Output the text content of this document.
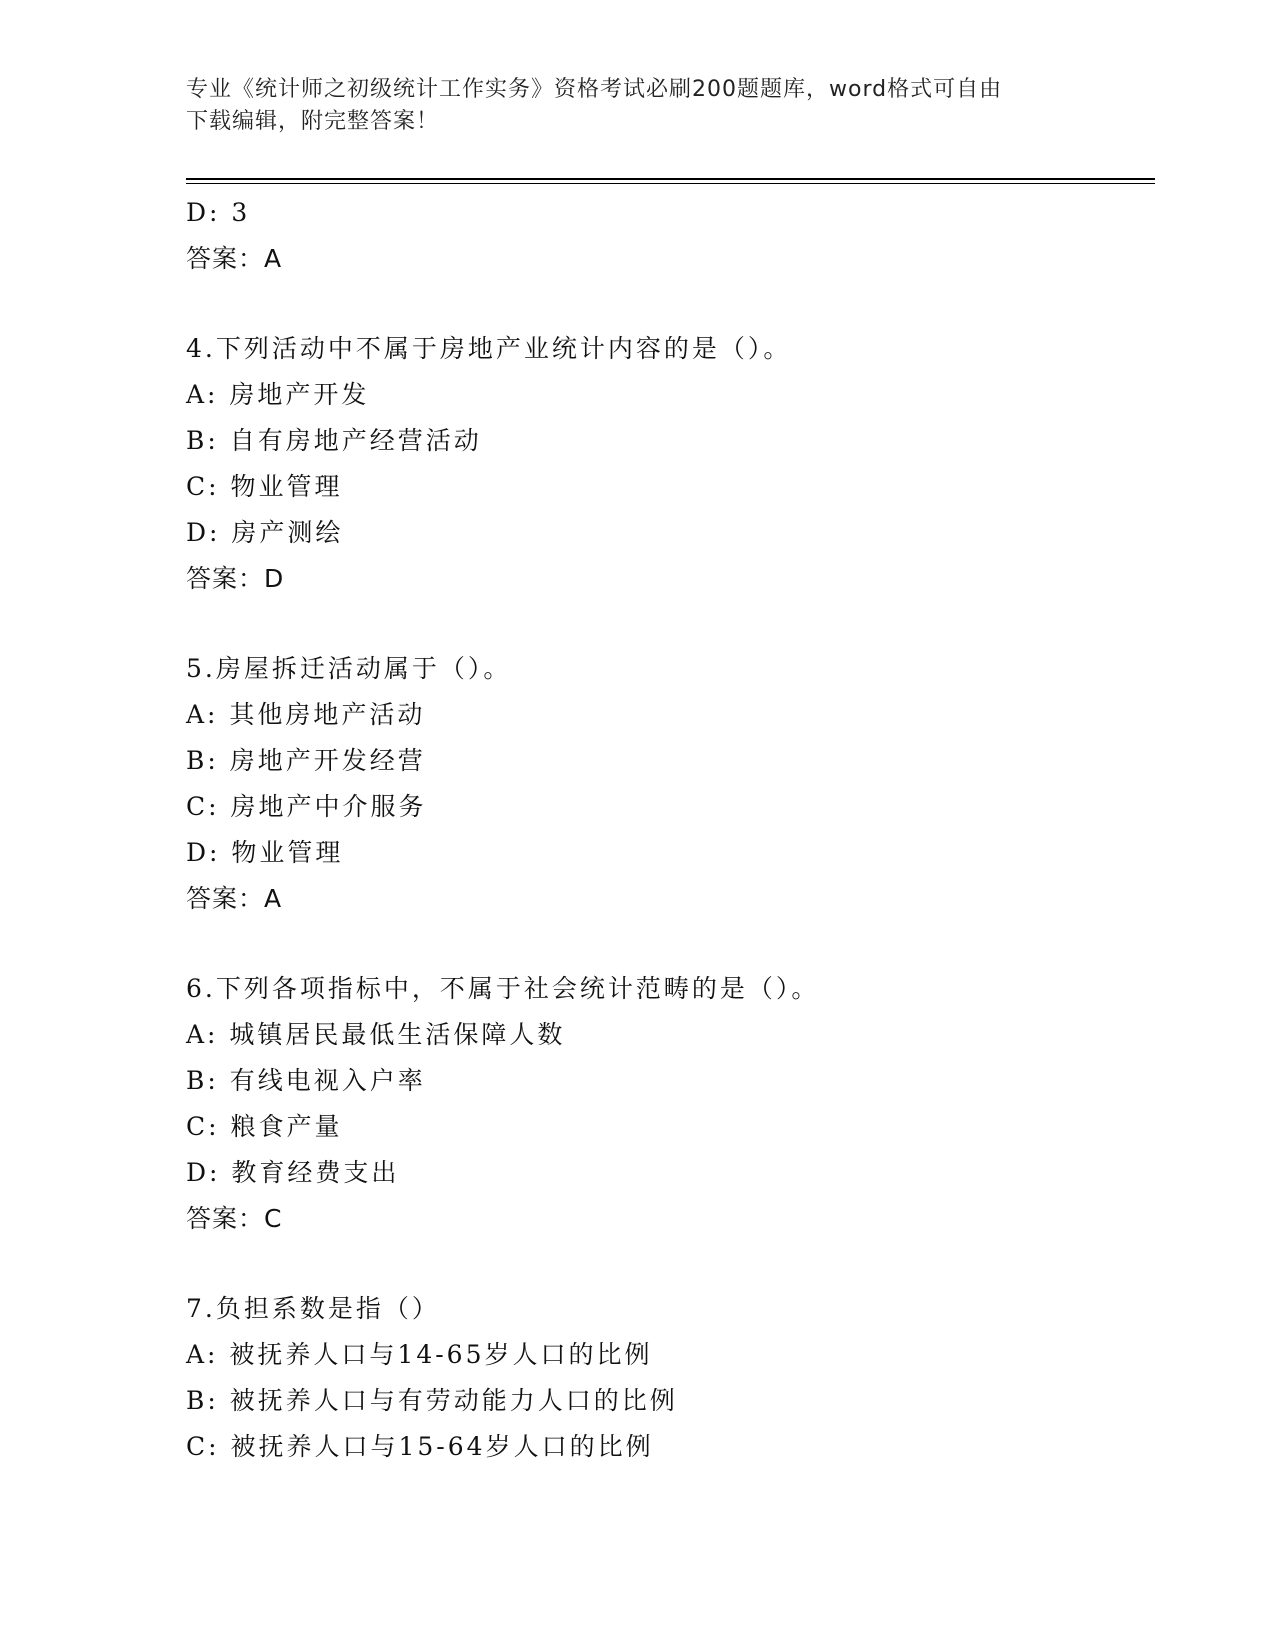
专业《统计师之初级统计工作实务》资格考试必刷200题题库，word格式可自由
下载编辑，附完整答案！
D: 3
答案：A
4.下列活动中不属于房地产业统计内容的是（）。
A: 房地产开发
B: 自有房地产经营活动
C: 物业管理
D: 房产测绘
答案：D
5.房屋拆迁活动属于（）。
A: 其他房地产活动
B: 房地产开发经营
C: 房地产中介服务
D: 物业管理
答案：A
6.下列各项指标中，不属于社会统计范畴的是（）。
A: 城镇居民最低生活保障人数
B: 有线电视入户率
C: 粮食产量
D: 教育经费支出
答案：C
7.负担系数是指（）
A: 被抚养人口与14-65岁人口的比例
B: 被抚养人口与有劳动能力人口的比例
C: 被抚养人口与15-64岁人口的比例
